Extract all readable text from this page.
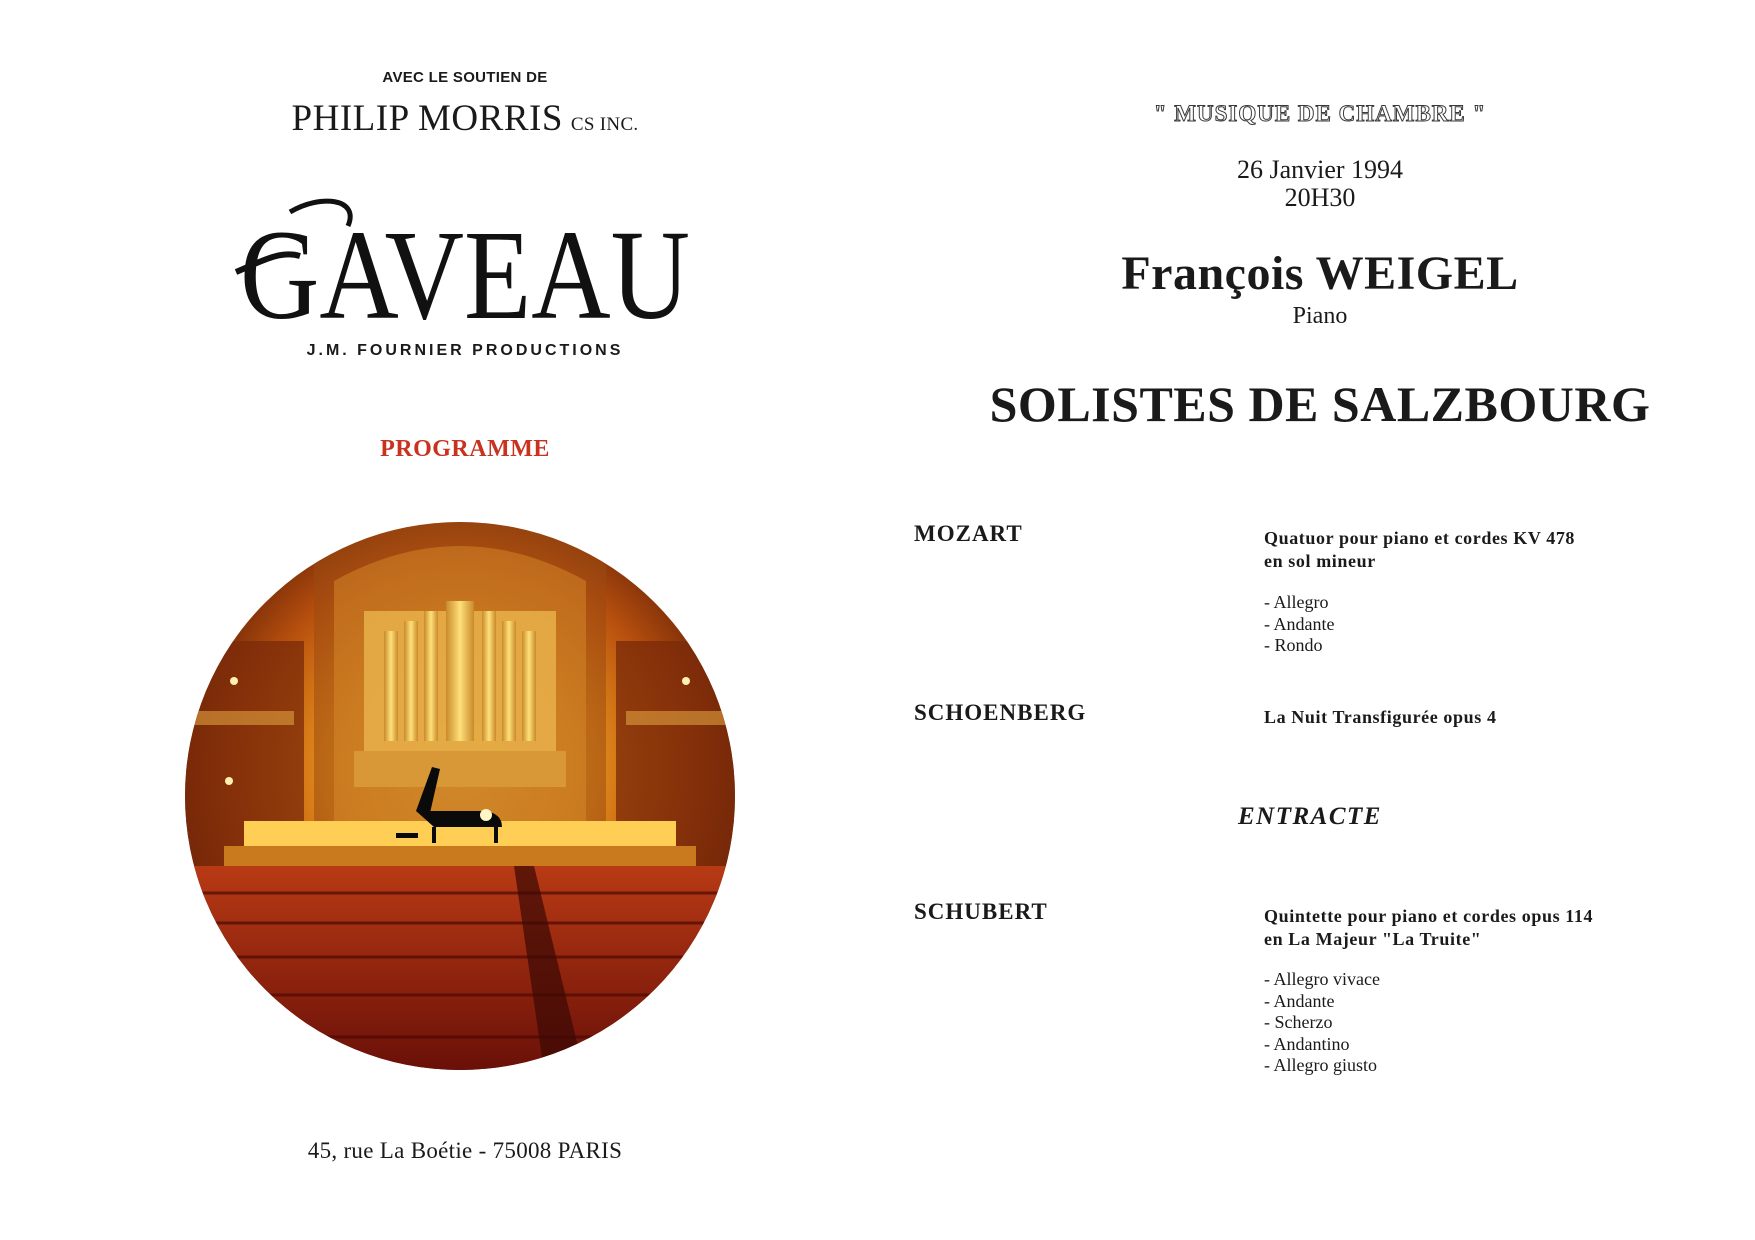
AVEC LE SOUTIEN DE
PHILIP MORRIS CS INC.
GAVEAU
J.M. FOURNIER PRODUCTIONS
PROGRAMME
45, rue La Boétie - 75008 PARIS
" MUSIQUE DE CHAMBRE "
26 Janvier 1994
20H30
François WEIGEL
Piano
SOLISTES DE SALZBOURG
MOZART	Quatuor pour piano et cordes KV 478
en sol mineur
- Allegro
- Andante
- Rondo
SCHOENBERG	La Nuit Transfigurée opus 4
ENTRACTE
SCHUBERT	Quintette pour piano et cordes opus 114
en La Majeur "La Truite"
- Allegro vivace
- Andante
- Scherzo
- Andantino
- Allegro giusto
